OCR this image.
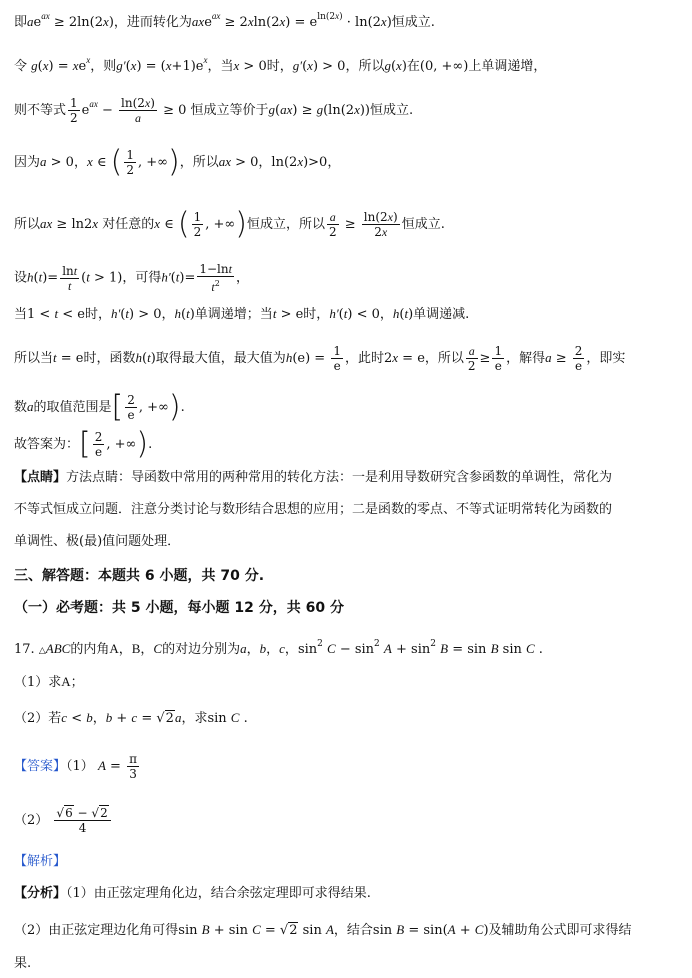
即$ae^{ax} \ge 2\ln(2x)$，进而转化为$axe^{ax} \ge 2xln(2x) = e^{ln(2x)} \cdot \ln(2x)$恒成立.
令 $g(x) = xe^x$，则$g'(x) = (x+1)e^x$，当x > 0时，g′(x) > 0，所以g(x)在(0, +∞)上单调递增，
则不等式 $\frac{1}{2} e^{ax} - \frac{\ln(2x)}{a} \ge 0$ 恒成立等价于g(ax) ≥ g(ln(2x))恒成立.
因为a > 0，x ∈ ( $\frac{1}{2}$ , +∞)，所以ax > 0，ln(2x)>0，
所以ax ≥ ln2x 对任意的x ∈ ( $\frac{1}{2}$ , +∞)恒成立，所以 $\frac{a}{2} \ge \frac{\ln(2x)}{2x}$ 恒成立.
设$h(t)= \frac{\ln t}{t} (t > 1)$，可得$h'(t)= \frac{1-\ln t}{t^2}$ ，
当1 < t < e时，h′(t) > 0，h(t)单调递增；当t > e时，h′(t) < 0，h(t)单调递减.
所以当t = e时，函数h(t)取得最大值，最大值为$h(e) = \frac{1}{e}$ ，此时2x = e，所以 $\frac{a}{2} \ge \frac{1}{e}$ ，解得$a \ge \frac{2}{e}$ ，即实
数a的取值范围是[ $\frac{2}{e}$ , +∞).
故答案为：[ $\frac{2}{e}$ , +∞).
【点睛】方法点睛：导函数中常用的两种常用的转化方法：一是利用导数研究含参函数的单调性，常化为
不等式恒成立问题．注意分类讨论与数形结合思想的应用；二是函数的零点、不等式证明常转化为函数的
单调性、极(最)值问题处理．
三、解答题：本题共 6 小题，共 70 分.
（一）必考题：共 5 小题，每小题 12 分，共 60 分
17. △ABC的内角A，B，C的对边分别为a，b，c，$\sin^2 C - \sin^2 A + \sin^2 B = \sin B$ sin C .
（1）求A；
（2）若c < b，b + c = √2a，求sin C .
【答案】（1） $A = \frac{\pi}{3}$
$(2) \frac{√6 - √2}{4}$
【解析】
【分析】（1）由正弦定理角化边，结合余弦定理即可求得结果.
（2）由正弦定理边化角可得sin B + sin C = √2 sin A，结合sin B = sin(A + C)及辅助角公式即可求得结
果.
